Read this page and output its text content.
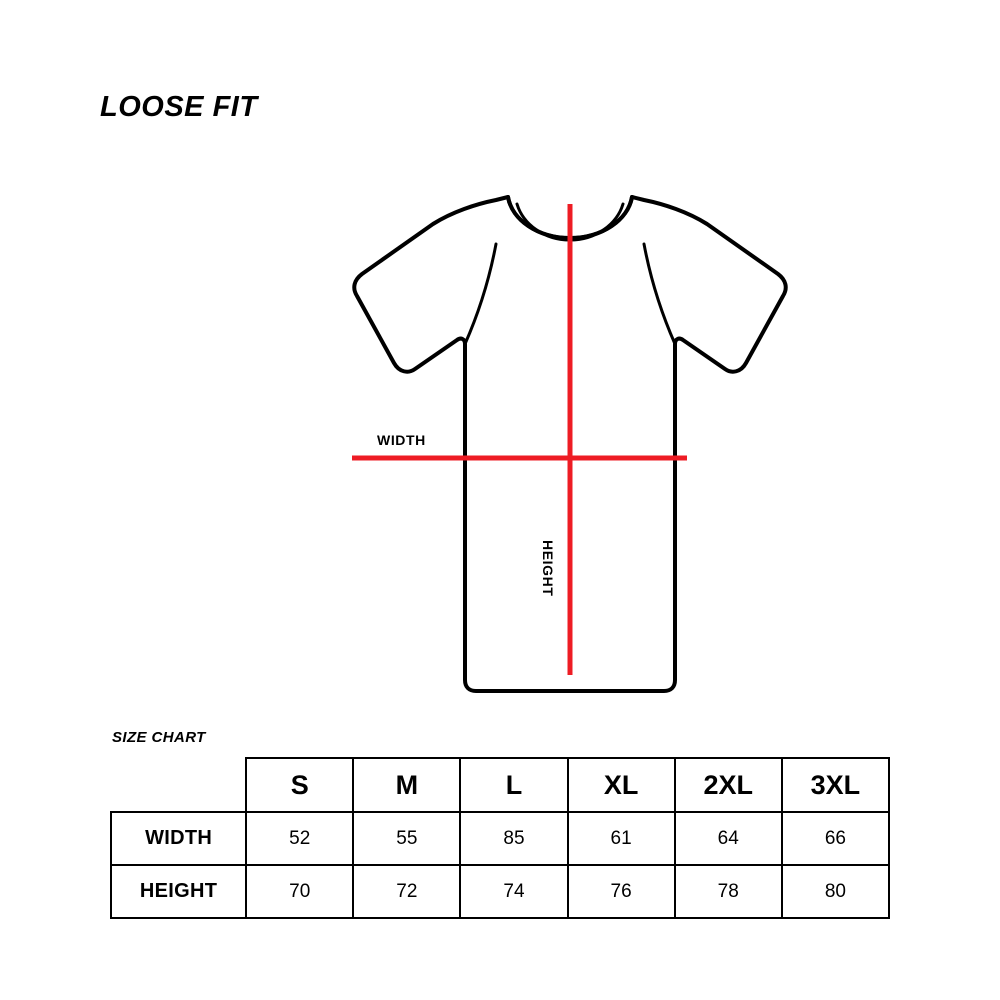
LOOSE FIT
WIDTH
HEIGHT
SIZE CHART
	S	M	L	XL	2XL	3XL
WIDTH	52	55	85	61	64	66
HEIGHT	70	72	74	76	78	80
